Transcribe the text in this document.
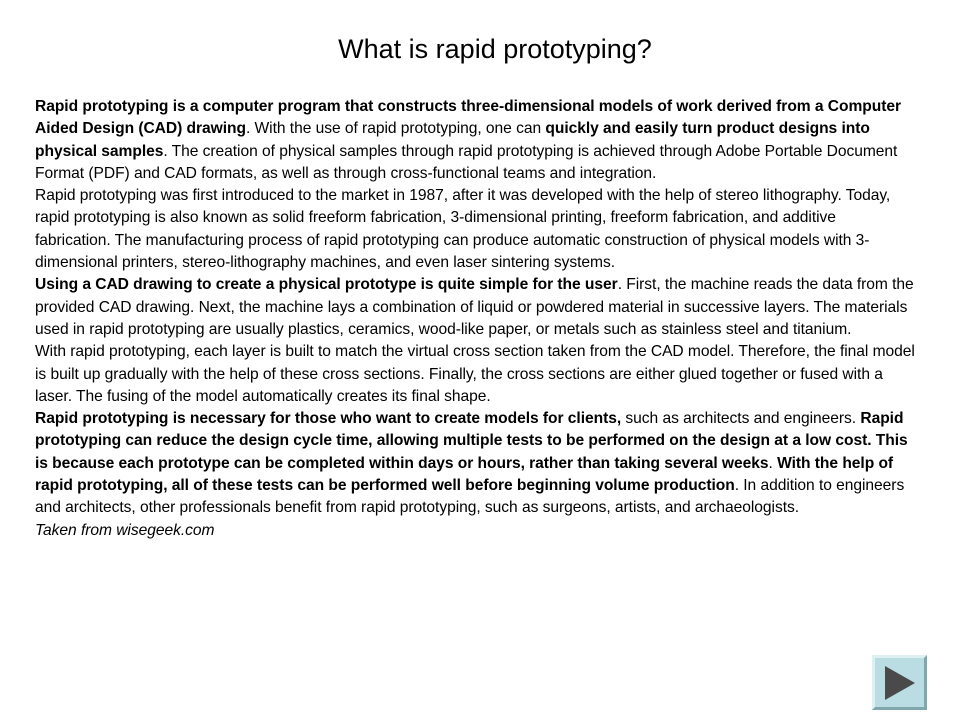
What is rapid prototyping?

Rapid prototyping is a computer program that constructs three-dimensional models of work derived from a Computer Aided Design (CAD) drawing. With the use of rapid prototyping, one can quickly and easily turn product designs into physical samples. The creation of physical samples through rapid prototyping is achieved through Adobe Portable Document Format (PDF) and CAD formats, as well as through cross-functional teams and integration.

Rapid prototyping was first introduced to the market in 1987, after it was developed with the help of stereo lithography. Today, rapid prototyping is also known as solid freeform fabrication, 3-dimensional printing, freeform fabrication, and additive fabrication. The manufacturing process of rapid prototyping can produce automatic construction of physical models with 3-dimensional printers, stereo-lithography machines, and even laser sintering systems.

Using a CAD drawing to create a physical prototype is quite simple for the user. First, the machine reads the data from the provided CAD drawing. Next, the machine lays a combination of liquid or powdered material in successive layers. The materials used in rapid prototyping are usually plastics, ceramics, wood-like paper, or metals such as stainless steel and titanium.

With rapid prototyping, each layer is built to match the virtual cross section taken from the CAD model. Therefore, the final model is built up gradually with the help of these cross sections. Finally, the cross sections are either glued together or fused with a laser. The fusing of the model automatically creates its final shape.

Rapid prototyping is necessary for those who want to create models for clients, such as architects and engineers. Rapid prototyping can reduce the design cycle time, allowing multiple tests to be performed on the design at a low cost. This is because each prototype can be completed within days or hours, rather than taking several weeks. With the help of rapid prototyping, all of these tests can be performed well before beginning volume production. In addition to engineers and architects, other professionals benefit from rapid prototyping, such as surgeons, artists, and archaeologists.

Taken from wisegeek.com
